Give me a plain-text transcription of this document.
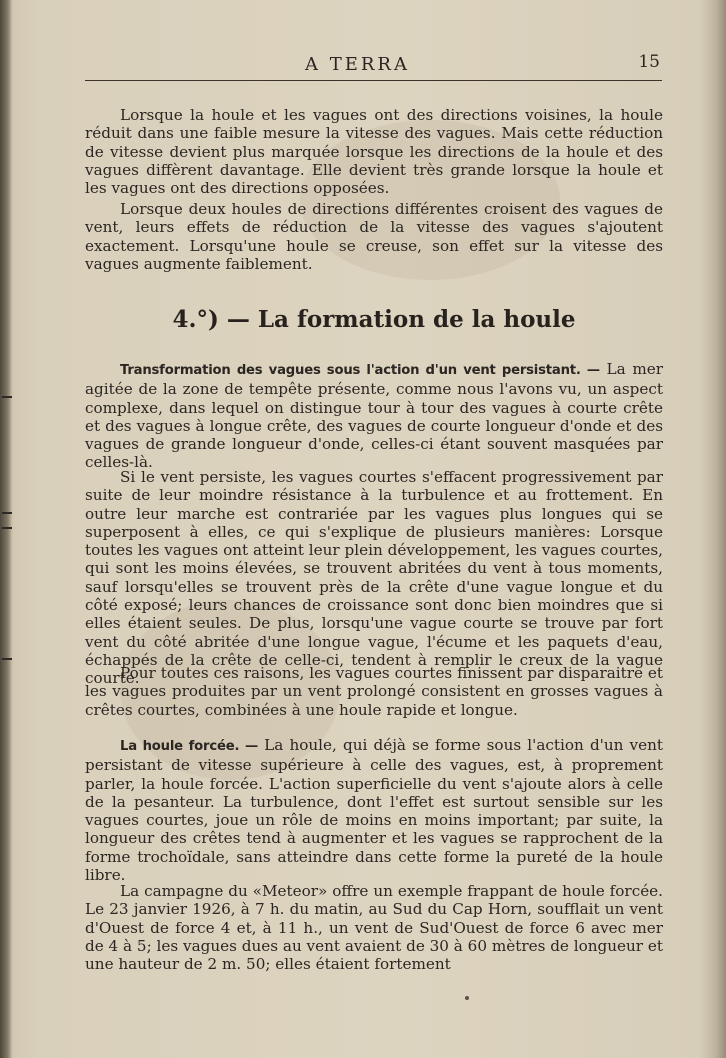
A TERRA	15

Lorsque la houle et les vagues ont des directions voisines, la houle réduit dans une faible mesure la vitesse des vagues. Mais cette réduction de vitesse devient plus marquée lorsque les directions de la houle et des vagues diffèrent davantage. Elle devient très grande lorsque la houle et les vagues ont des directions opposées.

Lorsque deux houles de directions différentes croisent des vagues de vent, leurs effets de réduction de la vitesse des vagues s'ajoutent exactement. Lorsqu'une houle se creuse, son effet sur la vitesse des vagues augmente faiblement.

4.°) — La formation de la houle

Transformation des vagues sous l'action d'un vent persistant. — La mer agitée de la zone de tempête présente, comme nous l'avons vu, un aspect complexe, dans lequel on distingue tour à tour des vagues à courte crête et des vagues à longue crête, des vagues de courte longueur d'onde et des vagues de grande longueur d'onde, celles-ci étant souvent masquées par celles-là.

Si le vent persiste, les vagues courtes s'effacent progressivement par suite de leur moindre résistance à la turbulence et au frottement. En outre leur marche est contrariée par les vagues plus longues qui se superposent à elles, ce qui s'explique de plusieurs manières: Lorsque toutes les vagues ont atteint leur plein développement, les vagues courtes, qui sont les moins élevées, se trouvent abritées du vent à tous moments, sauf lorsqu'elles se trouvent près de la crête d'une vague longue et du côté exposé; leurs chances de croissance sont donc bien moindres que si elles étaient seules. De plus, lorsqu'une vague courte se trouve par fort vent du côté abritée d'une longue vague, l'écume et les paquets d'eau, échappés de la crête de celle-ci, tendent à remplir le creux de la vague courte.

Pour toutes ces raisons, les vagues courtes finissent par disparaitre et les vagues produites par un vent prolongé consistent en grosses vagues à crêtes courtes, combinées à une houle rapide et longue.

La houle forcée. — La houle, qui déjà se forme sous l'action d'un vent persistant de vitesse supérieure à celle des vagues, est, à proprement parler, la houle forcée. L'action superficielle du vent s'ajoute alors à celle de la pesanteur. La turbulence, dont l'effet est surtout sensible sur les vagues courtes, joue un rôle de moins en moins important; par suite, la longueur des crêtes tend à augmenter et les vagues se rapprochent de la forme trochoïdale, sans atteindre dans cette forme la pureté de la houle libre.

La campagne du «Meteor» offre un exemple frappant de houle forcée. Le 23 janvier 1926, à 7 h. du matin, au Sud du Cap Horn, soufflait un vent d'Ouest de force 4 et, à 11 h., un vent de Sud'Ouest de force 6 avec mer de 4 à 5; les vagues dues au vent avaient de 30 à 60 mètres de longueur et une hauteur de 2 m. 50; elles étaient fortement
